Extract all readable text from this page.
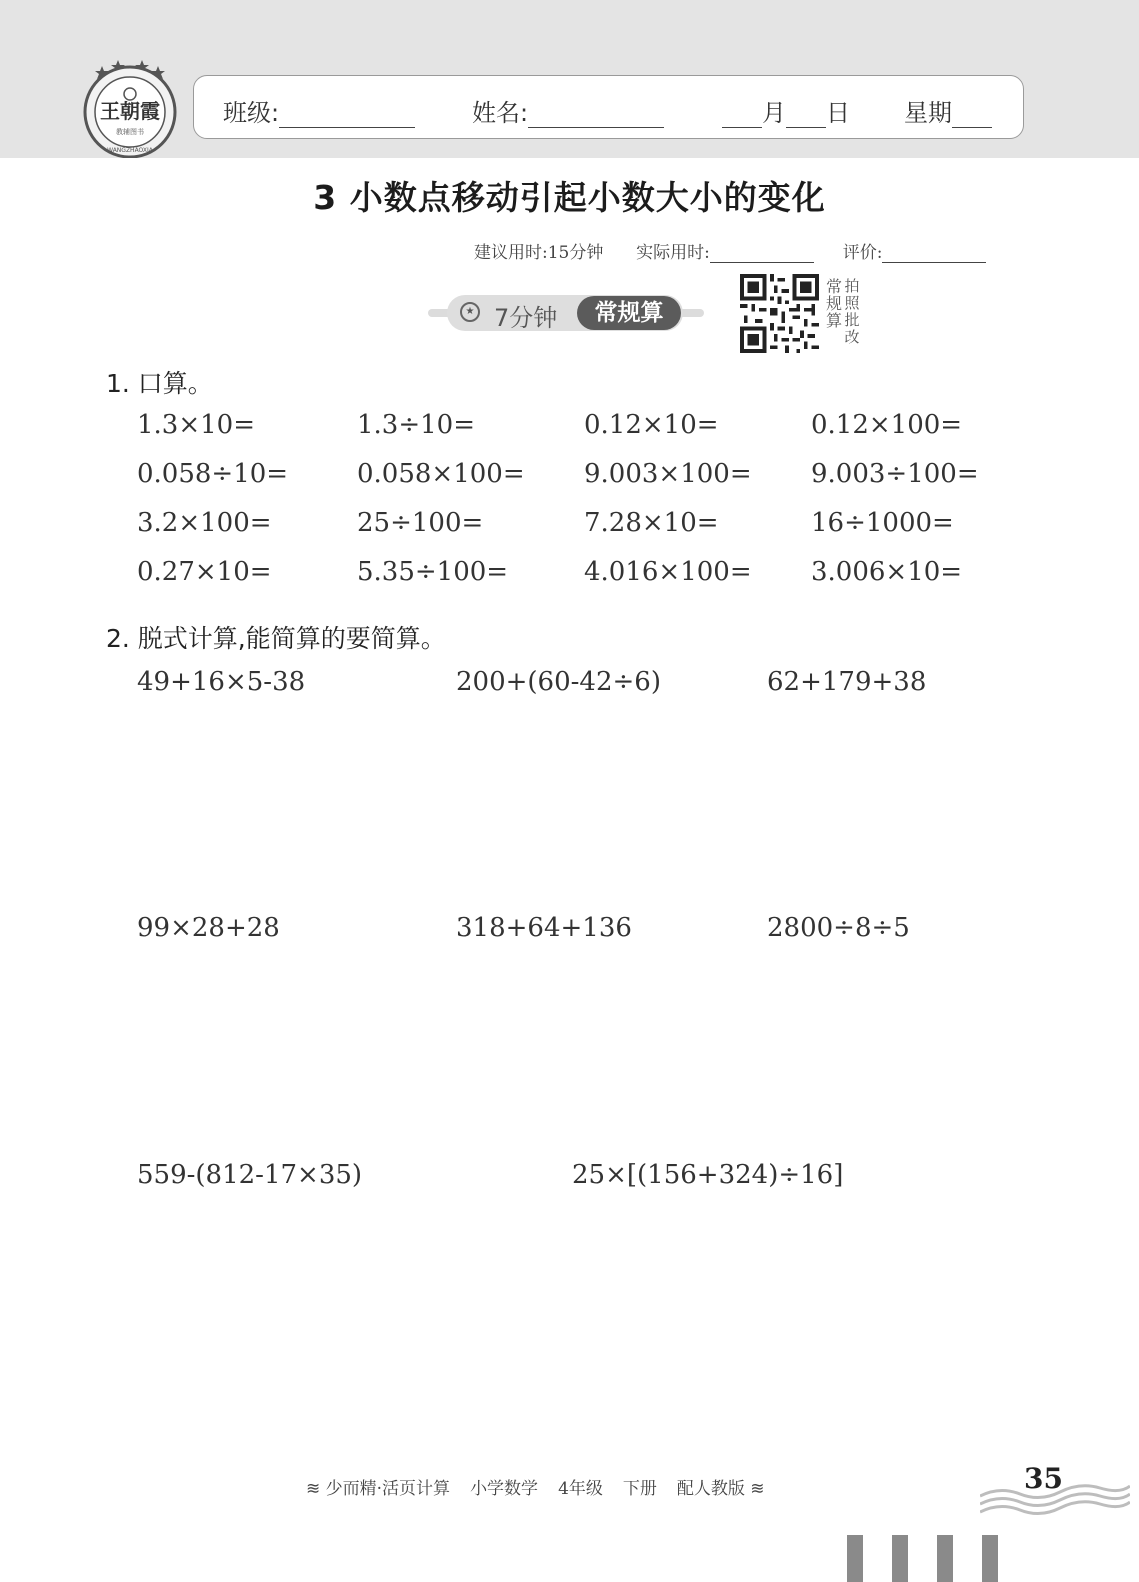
王朝霞
教辅图书
WANGZHAOXIA
班级:	姓名:	月 日 星期
3 小数点移动引起小数大小的变化
建议用时:15分钟 实际用时:	评价:
★ 7分钟	常规算
常
规
算
拍
照
批
改
1. 口算。
1.3×10=	1.3÷10=	0.12×10=	0.12×100=
0.058÷10=	0.058×100= 9.003×100= 9.003÷100=
3.2×100=	25÷100=	7.28×10=	16÷1000=
0.27×10=	5.35÷100=	4.016×100= 3.006×10=
2. 脱式计算,能简算的要简算。
49+16×5-38	200+(60-42÷6)	62+179+38
99×28+28	318+64+136	2800÷8÷5
559-(812-17×35)	25×[(156+324)÷16]
≋ 少而精·活页计算 小学数学 4年级 下册 配人教版 ≋	35
